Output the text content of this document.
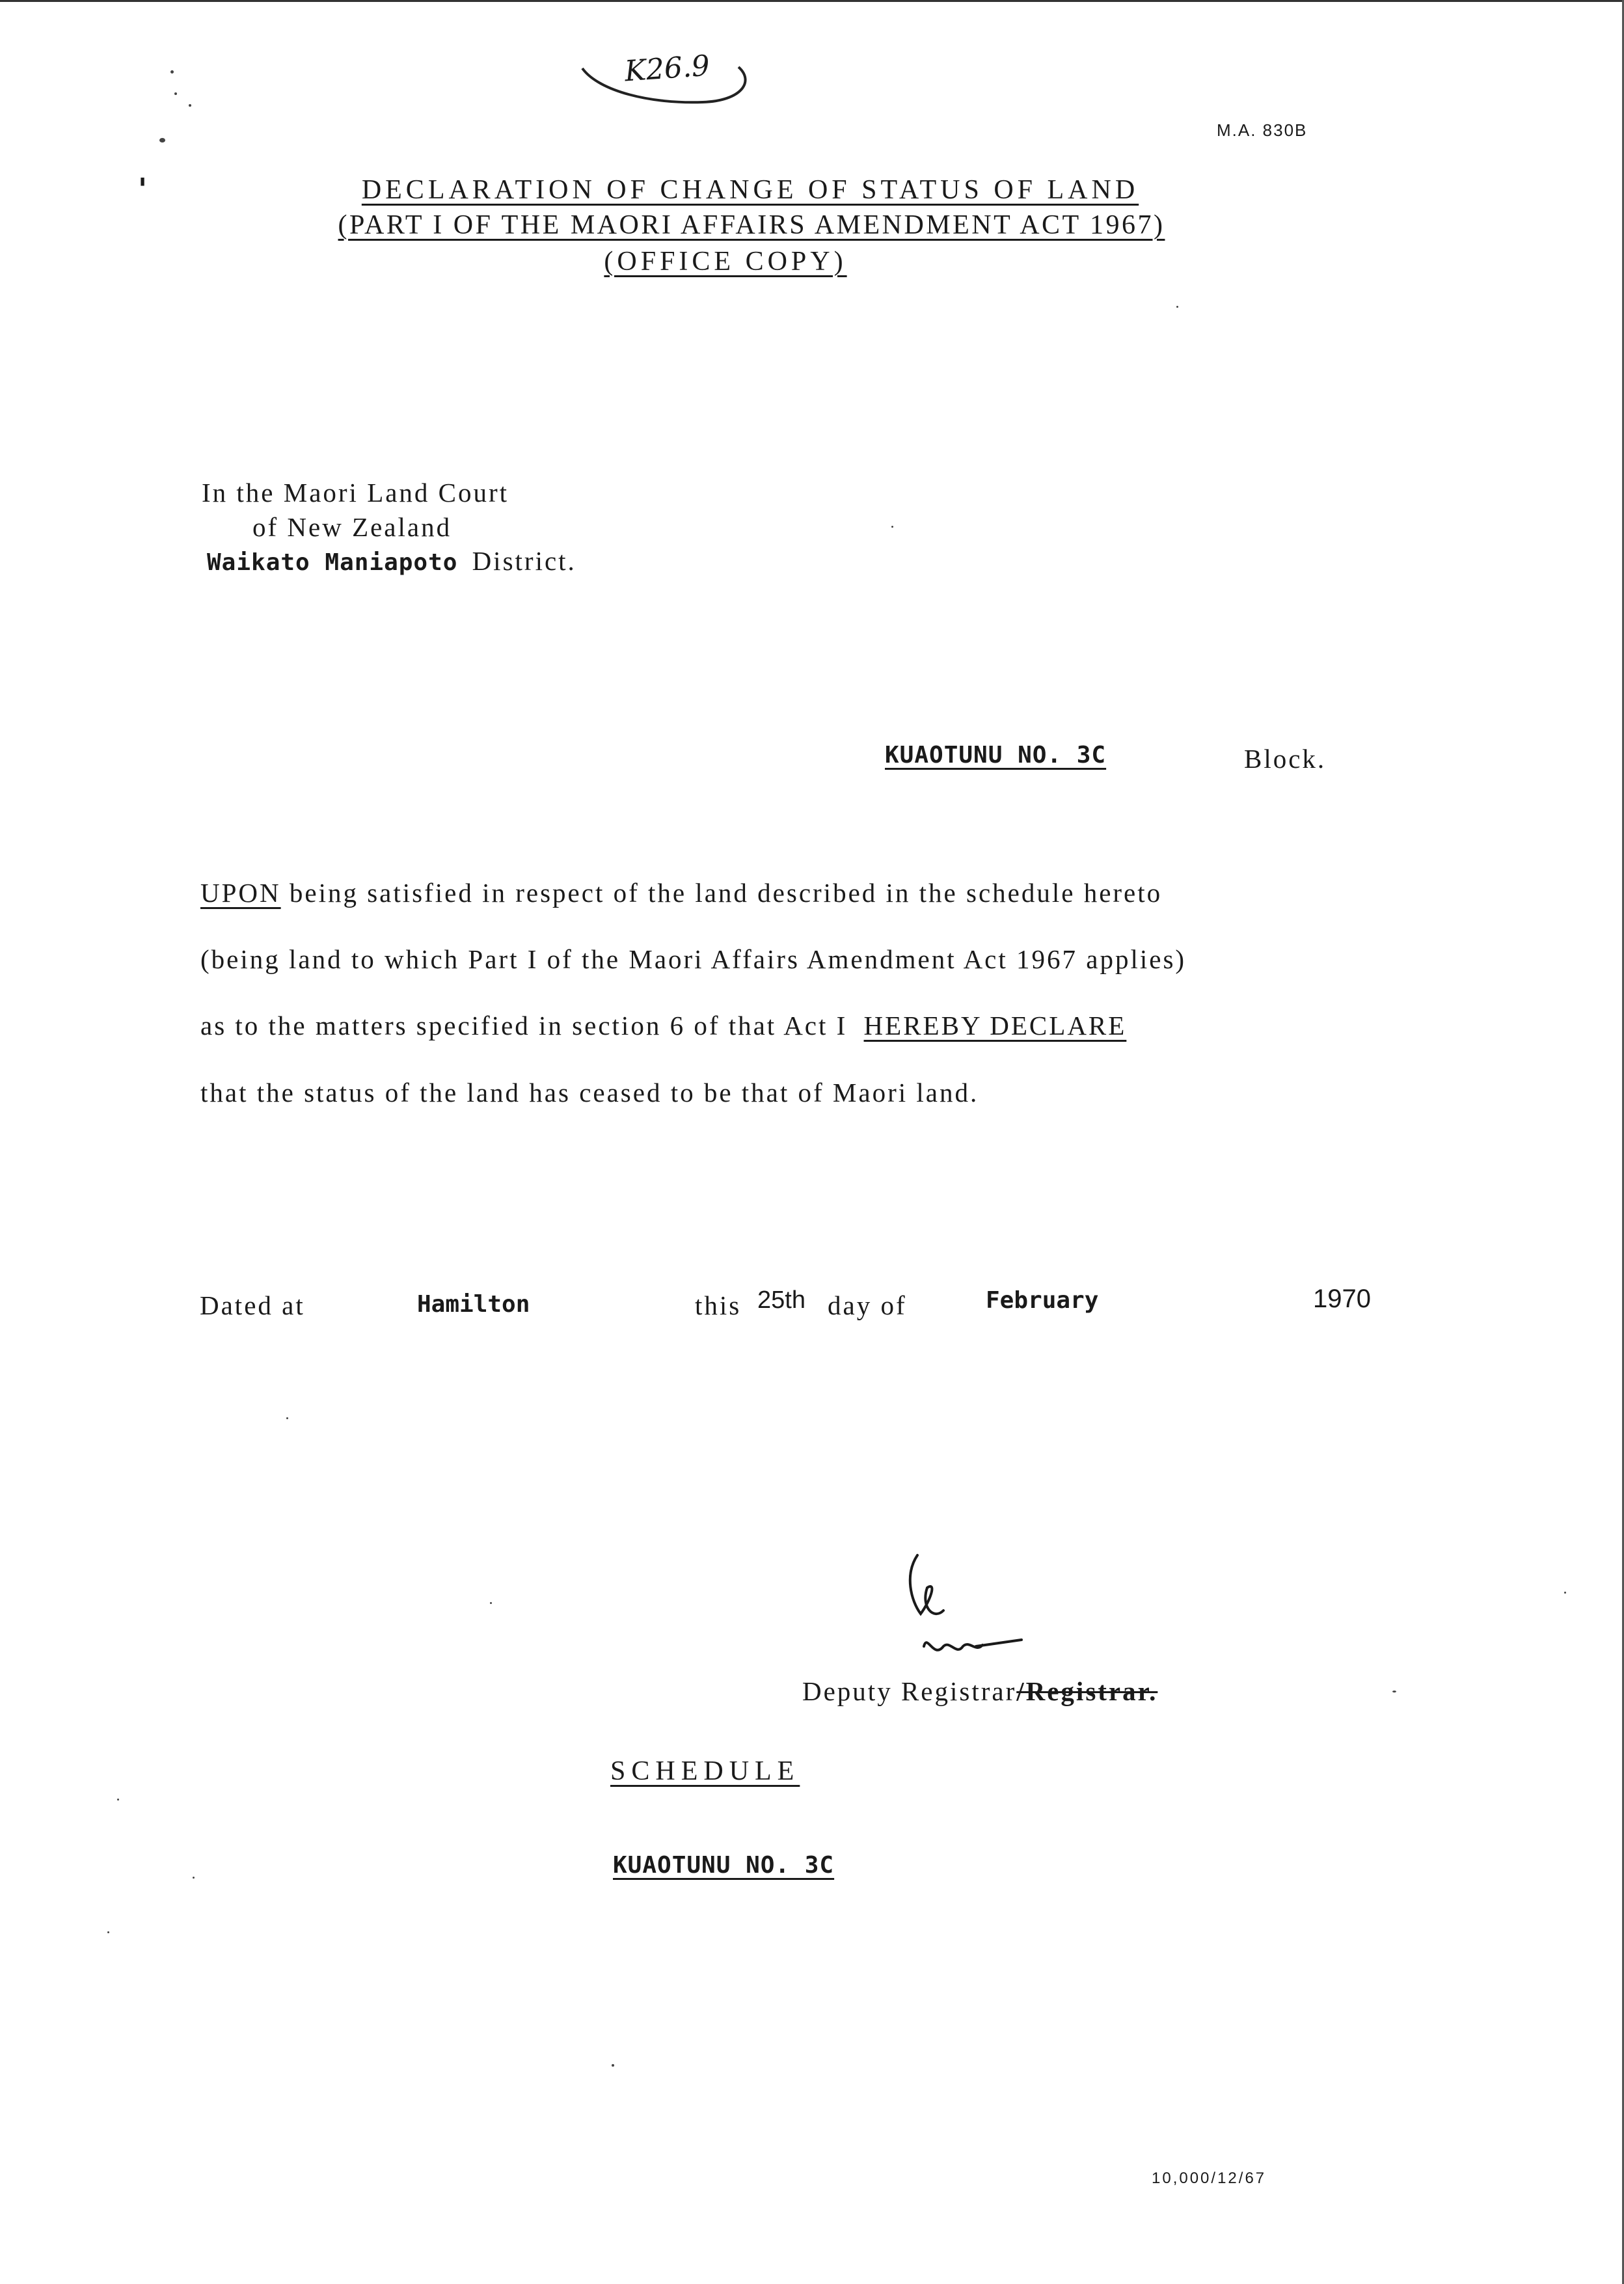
K26.9
M.A. 830B
DECLARATION OF CHANGE OF STATUS OF LAND
(PART I OF THE MAORI AFFAIRS AMENDMENT ACT 1967)
(OFFICE COPY)
In the Maori Land Court
of New Zealand
Waikato Maniapoto District.
KUAOTUNU NO. 3C	Block.
UPON being satisfied in respect of the land described in the schedule hereto
(being land to which Part I of the Maori Affairs Amendment Act 1967 applies)
as to the matters specified in section 6 of that Act I HEREBY DECLARE
that the status of the land has ceased to be that of Maori land.
Dated at	Hamilton	this 25th day of	February	1970
Deputy Registrar/Registrar.
SCHEDULE
KUAOTUNU NO. 3C
10,000/12/67
'
